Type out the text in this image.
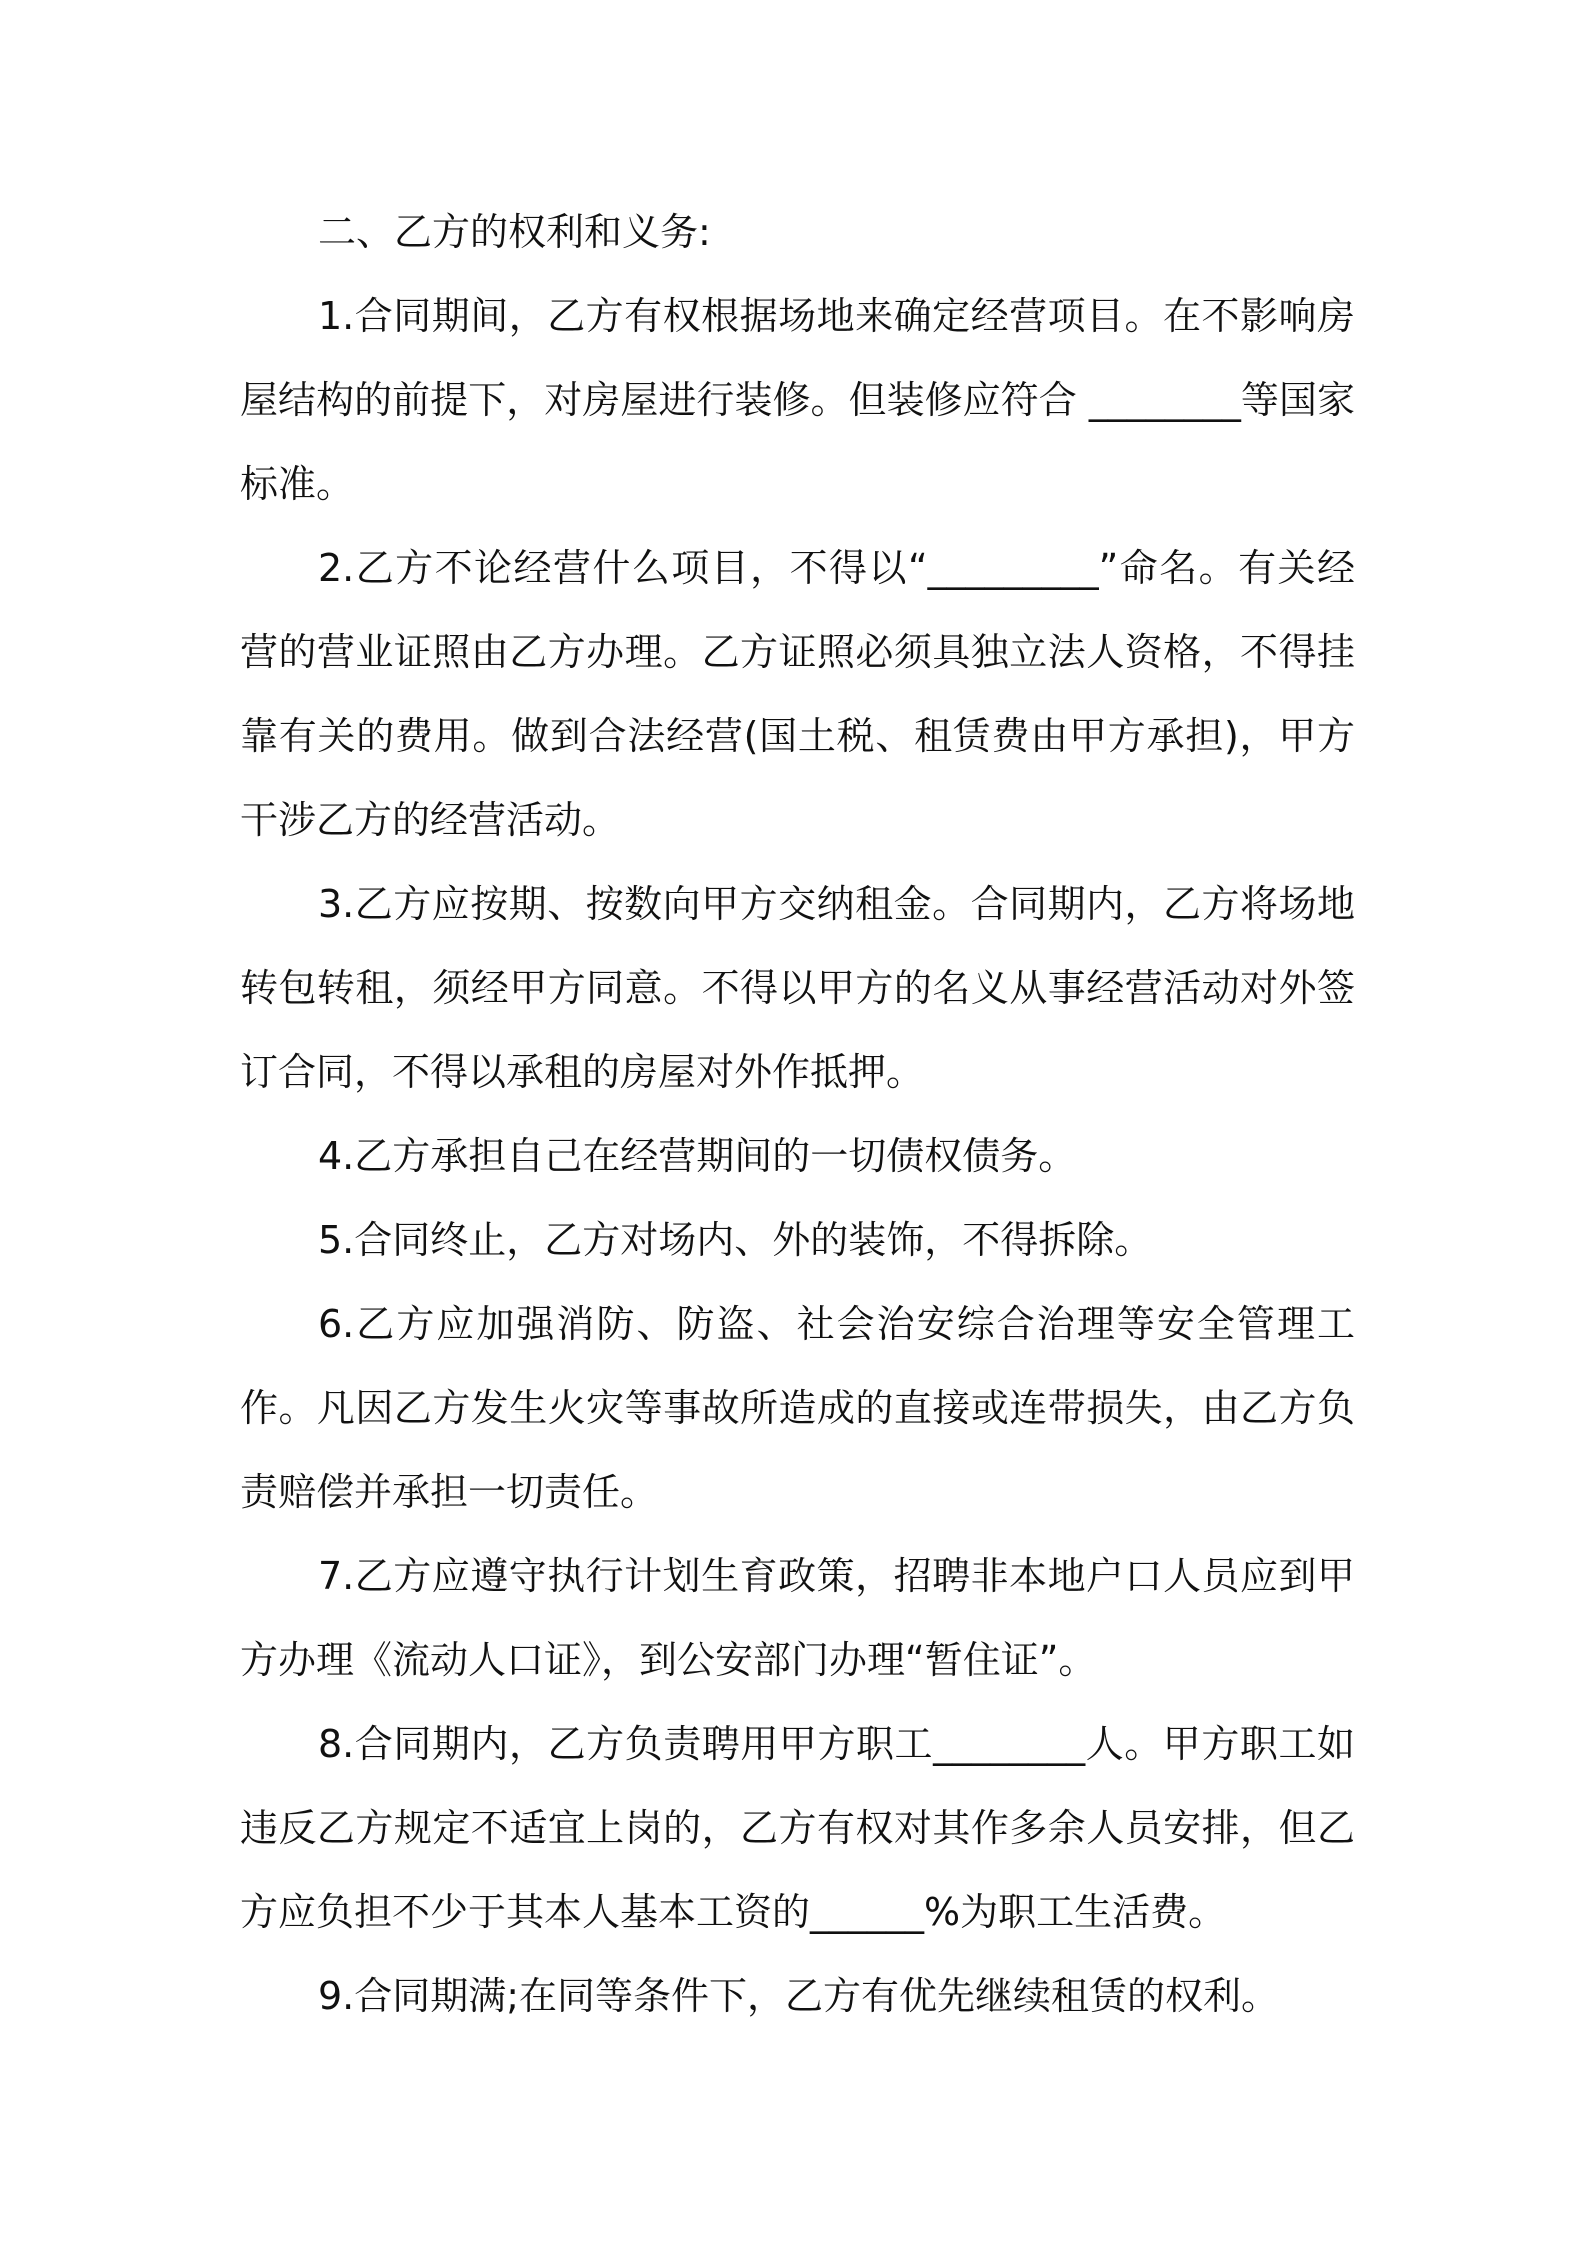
二、乙方的权利和义务:

1.合同期间，乙方有权根据场地来确定经营项目。在不影响房屋结构的前提下，对房屋进行装修。但装修应符合 ________等国家标准。

2.乙方不论经营什么项目，不得以“_________”命名。有关经营的营业证照由乙方办理。乙方证照必须具独立法人资格，不得挂靠有关的费用。做到合法经营(国土税、租赁费由甲方承担)，甲方干涉乙方的经营活动。

3.乙方应按期、按数向甲方交纳租金。合同期内，乙方将场地转包转租，须经甲方同意。不得以甲方的名义从事经营活动对外签订合同，不得以承租的房屋对外作抵押。

4.乙方承担自己在经营期间的一切债权债务。

5.合同终止，乙方对场内、外的装饰，不得拆除。

6.乙方应加强消防、防盗、社会治安综合治理等安全管理工作。凡因乙方发生火灾等事故所造成的直接或连带损失，由乙方负责赔偿并承担一切责任。

7.乙方应遵守执行计划生育政策，招聘非本地户口人员应到甲方办理《流动人口证》，到公安部门办理“暂住证”。

8.合同期内，乙方负责聘用甲方职工________人。甲方职工如违反乙方规定不适宜上岗的，乙方有权对其作多余人员安排，但乙方应负担不少于其本人基本工资的______%为职工生活费。

9.合同期满;在同等条件下，乙方有优先继续租赁的权利。
